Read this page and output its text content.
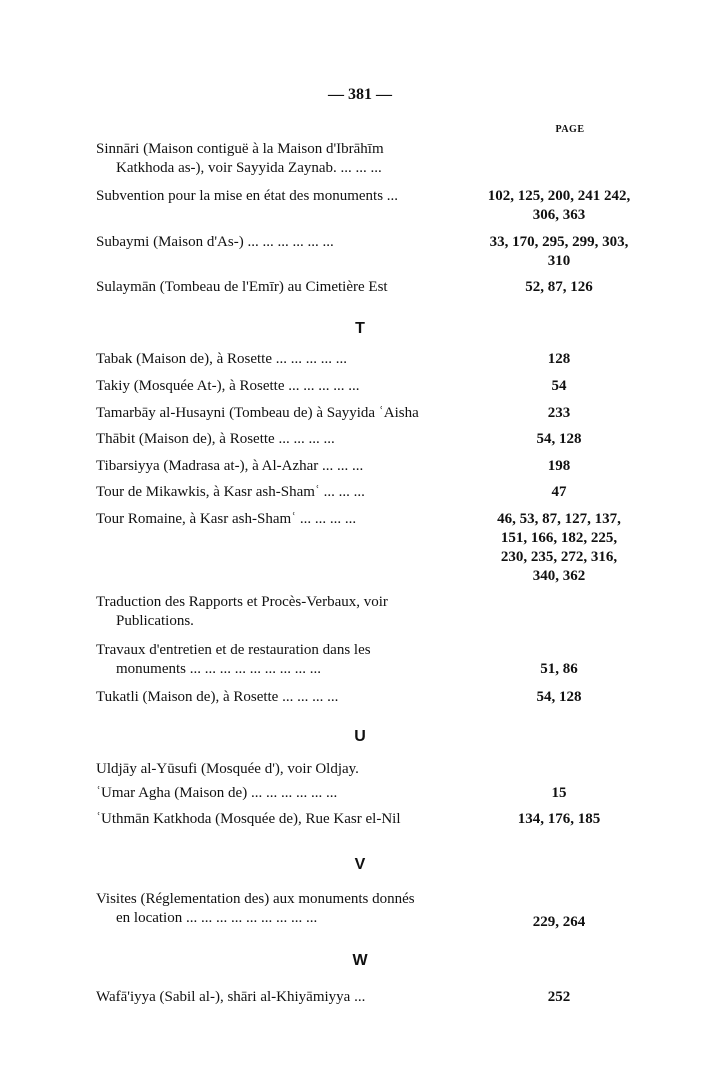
— 381 —
PAGE
Sinnāri (Maison contiguë à la Maison d'Ibrāhīm
Katkhoda as-), voir Sayyida Zaynab. ... ... ...
Subvention pour la mise en état des monuments ...	102, 125, 200, 241 242, 306, 363
Subaymi (Maison d'As-) ... ... ... ... ... ...	33, 170, 295, 299, 303, 310
Sulaymān (Tombeau de l'Emīr) au Cimetière Est	52, 87, 126
T
Tabak (Maison de), à Rosette ... ... ... ... ...	128
Takiy (Mosquée At-), à Rosette ... ... ... ... ...	54
Tamarbāy al-Husayni (Tombeau de) à Sayyida ʿAisha	233
Thābit (Maison de), à Rosette ... ... ... ...	54, 128
Tibarsiyya (Madrasa at-), à Al-Azhar ... ... ...	198
Tour de Mikawkis, à Kasr ash-Shamʿ ... ... ...	47
Tour Romaine, à Kasr ash-Shamʿ ... ... ... ...	46, 53, 87, 127, 137, 151, 166, 182, 225, 230, 235, 272, 316, 340, 362
Traduction des Rapports et Procès-Verbaux, voir
Publications.
Travaux d'entretien et de restauration dans les
monuments ... ... ... ... ... ... ... ... ...	51, 86
Tukatli (Maison de), à Rosette ... ... ... ...	54, 128
U
Uldjāy al-Yūsufi (Mosquée d'), voir Oldjay.
ʿUmar Agha (Maison de) ... ... ... ... ... ...	15
ʿUthmān Katkhoda (Mosquée de), Rue Kasr el-Nil	134, 176, 185
V
Visites (Réglementation des) aux monuments donnés
en location ... ... ... ... ... ... ... ... ...	229, 264
W
Wafā'iyya (Sabil al-), shāri al-Khiyāmiyya ...	252
